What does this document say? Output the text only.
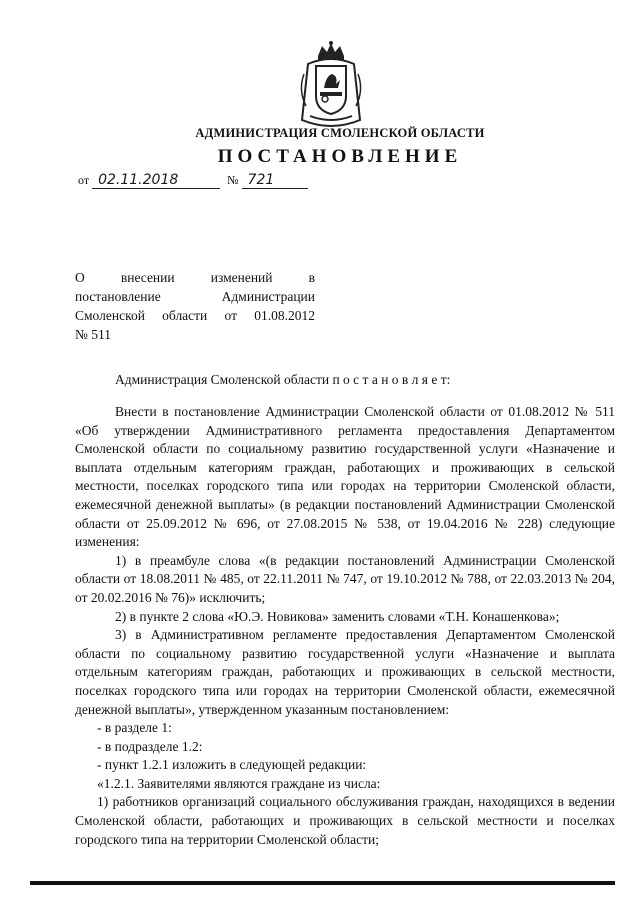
АДМИНИСТРАЦИЯ СМОЛЕНСКОЙ ОБЛАСТИ
ПОСТАНОВЛЕНИЕ
от 02.11.2018	№ 721
О внесении изменений в
постановление Администрации
Смоленской области от 01.08.2012
№ 511
Администрация Смоленской области п о с т а н о в л я е т:

Внести в постановление Администрации Смоленской области от 01.08.2012 № 511 «Об утверждении Административного регламента предоставления Департаментом Смоленской области по социальному развитию государственной услуги «Назначение и выплата отдельным категориям граждан, работающих и проживающих в сельской местности, поселках городского типа или городах на территории Смоленской области, ежемесячной денежной выплаты» (в редакции постановлений Администрации Смоленской области от 25.09.2012 № 696, от 27.08.2015 № 538, от 19.04.2016 № 228) следующие изменения:

1) в преамбуле слова «(в редакции постановлений Администрации Смоленской области от 18.08.2011 № 485, от 22.11.2011 № 747, от 19.10.2012 № 788, от 22.03.2013 № 204, от 20.02.2016 № 76)» исключить;

2) в пункте 2 слова «Ю.Э. Новикова» заменить словами «Т.Н. Конашенкова»;

3) в Административном регламенте предоставления Департаментом Смоленской области по социальному развитию государственной услуги «Назначение и выплата отдельным категориям граждан, работающих и проживающих в сельской местности, поселках городского типа или городах на территории Смоленской области, ежемесячной денежной выплаты», утвержденном указанным постановлением:

- в разделе 1:

- в подразделе 1.2:

- пункт 1.2.1 изложить в следующей редакции:

«1.2.1. Заявителями являются граждане из числа:

1) работников организаций социального обслуживания граждан, находящихся в ведении Смоленской области, работающих и проживающих в сельской местности и поселках городского типа на территории Смоленской области;
